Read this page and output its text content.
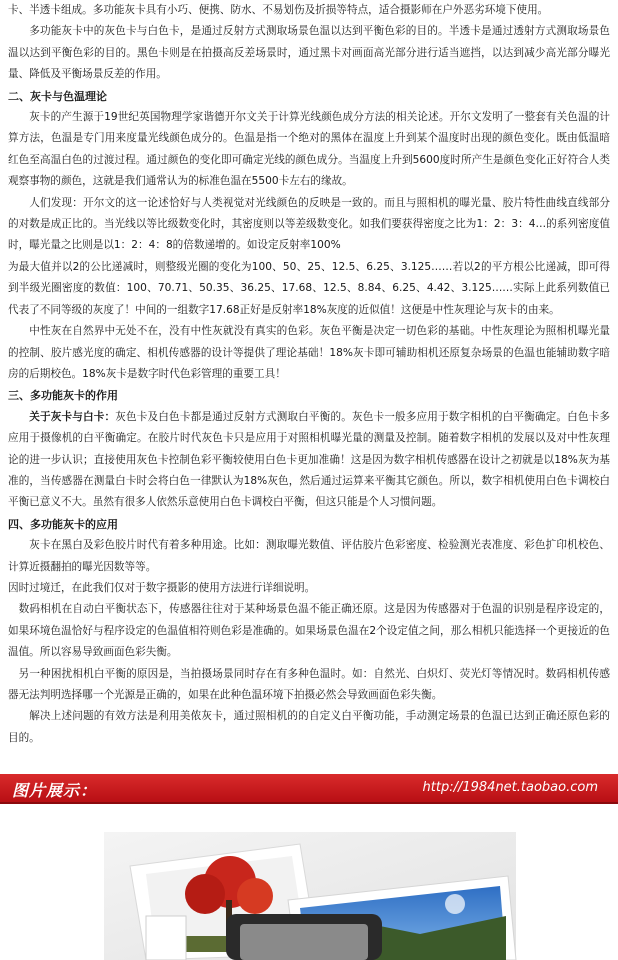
卡、半透卡组成。多功能灰卡具有小巧、便携、防水、不易划伤及折损等特点，适合摄影师在户外恶劣环境下使用。

多功能灰卡中的灰色卡与白色卡，是通过反射方式测取场景色温以达到平衡色彩的目的。半透卡是通过透射方式测取场景色温以达到平衡色彩的目的。黑色卡则是在拍摄高反差场景时，通过黑卡对画面高光部分进行适当遮挡，以达到减少高光部分曝光量、降低及平衡场景反差的作用。

二、灰卡与色温理论

灰卡的产生源于19世纪英国物理学家谐德开尔文关于计算光线颜色成分方法的相关论述。开尔文发明了一整套有关色温的计算方法，色温是专门用来度量光线颜色成分的。色温是指一个绝对的黑体在温度上升到某个温度时出现的颜色变化。既由低温暗红色至高温白色的过渡过程。通过颜色的变化即可确定光线的颜色成分。当温度上升到5600度时所产生是颜色变化正好符合人类观察事物的颜色，这就是我们通常认为的标准色温在5500卡左右的缘故。

人们发现：开尔文的这一论述恰好与人类视觉对光线颜色的反映是一致的。而且与照相机的曝光量、胶片特性曲线直线部分的对数是成正比的。当光线以等比级数变化时，其密度则以等差级数变化。如我们要获得密度之比为1：2：3：4…的系列密度值时，曝光量之比则是以1：2：4：8的倍数递增的。如设定反射率100%

为最大值并以2的公比递减时，则整级光圈的变化为100、50、25、12.5、6.25、3.125……若以2的平方根公比递减，即可得到半级光圈密度的数值：100、70.71、50.35、36.25、17.68、12.5、8.84、6.25、4.42、3.125……实际上此系列数值已代表了不同等级的灰度了！中间的一组数字17.68正好是反射率18%灰度的近似值！这便是中性灰理论与灰卡的由来。

中性灰在自然界中无处不在，没有中性灰就没有真实的色彩。灰色平衡是决定一切色彩的基础。中性灰理论为照相机曝光量的控制、胶片感光度的确定、相机传感器的设计等提供了理论基础！18%灰卡即可辅助相机还原复杂场景的色温也能辅助数字暗房的后期校色。18%灰卡是数字时代色彩管理的重要工具！

三、多功能灰卡的作用

关于灰卡与白卡：灰色卡及白色卡都是通过反射方式测取白平衡的。灰色卡一般多应用于数字相机的白平衡确定。白色卡多应用于摄像机的白平衡确定。在胶片时代灰色卡只是应用于对照相机曝光量的测量及控制。随着数字相机的发展以及对中性灰理论的进一步认识；直接使用灰色卡控制色彩平衡较使用白色卡更加准确！这是因为数字相机传感器在设计之初就是以18%灰为基准的，当传感器在测量白卡时会将白色一律默认为18%灰色，然后通过运算来平衡其它颜色。所以，数字相机使用白色卡调校白平衡已意义不大。虽然有很多人依然乐意使用白色卡调校白平衡，但这只能是个人习惯问题。

四、多功能灰卡的应用

灰卡在黑白及彩色胶片时代有着多种用途。比如：测取曝光数值、评估胶片色彩密度、检验测光表准度、彩色扩印机校色、计算近摄翻拍的曝光因数等等。

因时过境迁，在此我们仅对于数字摄影的使用方法进行详细说明。

数码相机在自动白平衡状态下，传感器往往对于某种场景色温不能正确还原。这是因为传感器对于色温的识别是程序设定的，如果环境色温恰好与程序设定的色温值相符则色彩是准确的。如果场景色温在2个设定值之间，那么相机只能选择一个更接近的色温值。所以容易导致画面色彩失衡。

另一种困扰相机白平衡的原因是，当拍摄场景同时存在有多种色温时。如：自然光、白炽灯、荧光灯等情况时。数码相机传感器无法判明选择哪一个光源是正确的，如果在此种色温环境下拍摄必然会导致画面色彩失衡。

解决上述问题的有效方法是利用美侬灰卡，通过照相机的的自定义白平衡功能，手动测定场景的色温已达到正确还原色彩的目的。

图片展示：	http://1984net.taobao.com
